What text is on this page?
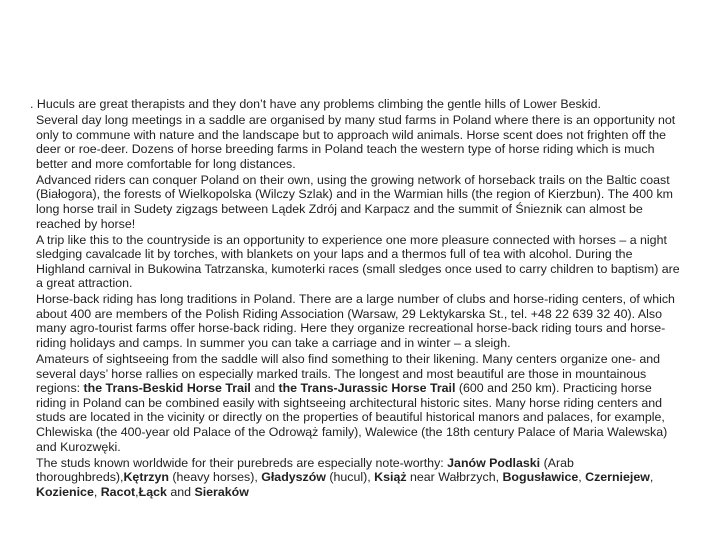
. Huculs are great therapists and they don’t have any problems climbing the gentle hills of Lower Beskid.

Several day long meetings in a saddle are organised by many stud farms in Poland where there is an opportunity not only to commune with nature and the landscape but to approach wild animals. Horse scent does not frighten off the deer or roe-deer. Dozens of horse breeding farms in Poland teach the western type of horse riding which is much better and more comfortable for long distances.

Advanced riders can conquer Poland on their own, using the growing network of horseback trails on the Baltic coast (Białogora), the forests of Wielkopolska (Wilczy Szlak) and in the Warmian hills (the region of Kierzbun). The 400 km long horse trail in Sudety zigzags between Lądek Zdrój and Karpacz and the summit of Śnieznik can almost be reached by horse!

A trip like this to the countryside is an opportunity to experience one more pleasure connected with horses – a night sledging cavalcade lit by torches, with blankets on your laps and a thermos full of tea with alcohol. During the Highland carnival in Bukowina Tatrzanska, kumoterki races (small sledges once used to carry children to baptism) are a great attraction.

Horse-back riding has long traditions in Poland. There are a large number of clubs and horse-riding centers, of which about 400 are members of the Polish Riding Association (Warsaw, 29 Lektykarska St., tel. +48 22 639 32 40). Also many agro-tourist farms offer horse-back riding. Here they organize recreational horse-back riding tours and horse-riding holidays and camps. In summer you can take a carriage and in winter – a sleigh.

Amateurs of sightseeing from the saddle will also find something to their likening. Many centers organize one- and several days’ horse rallies on especially marked trails. The longest and most beautiful are those in mountainous regions: the Trans-Beskid Horse Trail and the Trans-Jurassic Horse Trail (600 and 250 km). Practicing horse riding in Poland can be combined easily with sightseeing architectural historic sites. Many horse riding centers and studs are located in the vicinity or directly on the properties of beautiful historical manors and palaces, for example, Chlewiska (the 400-year old Palace of the Odrowąż family), Walewice (the 18th century Palace of Maria Walewska) and Kurozwęki.

The studs known worldwide for their purebreds are especially note-worthy: Janów Podlaski (Arab thoroughbreds),Kętrzyn (heavy horses), Gładyszów (hucul), Książ near Wałbrzych, Bogusławice, Czerniejew, Kozienice, Racot,Łąck and Sieraków
